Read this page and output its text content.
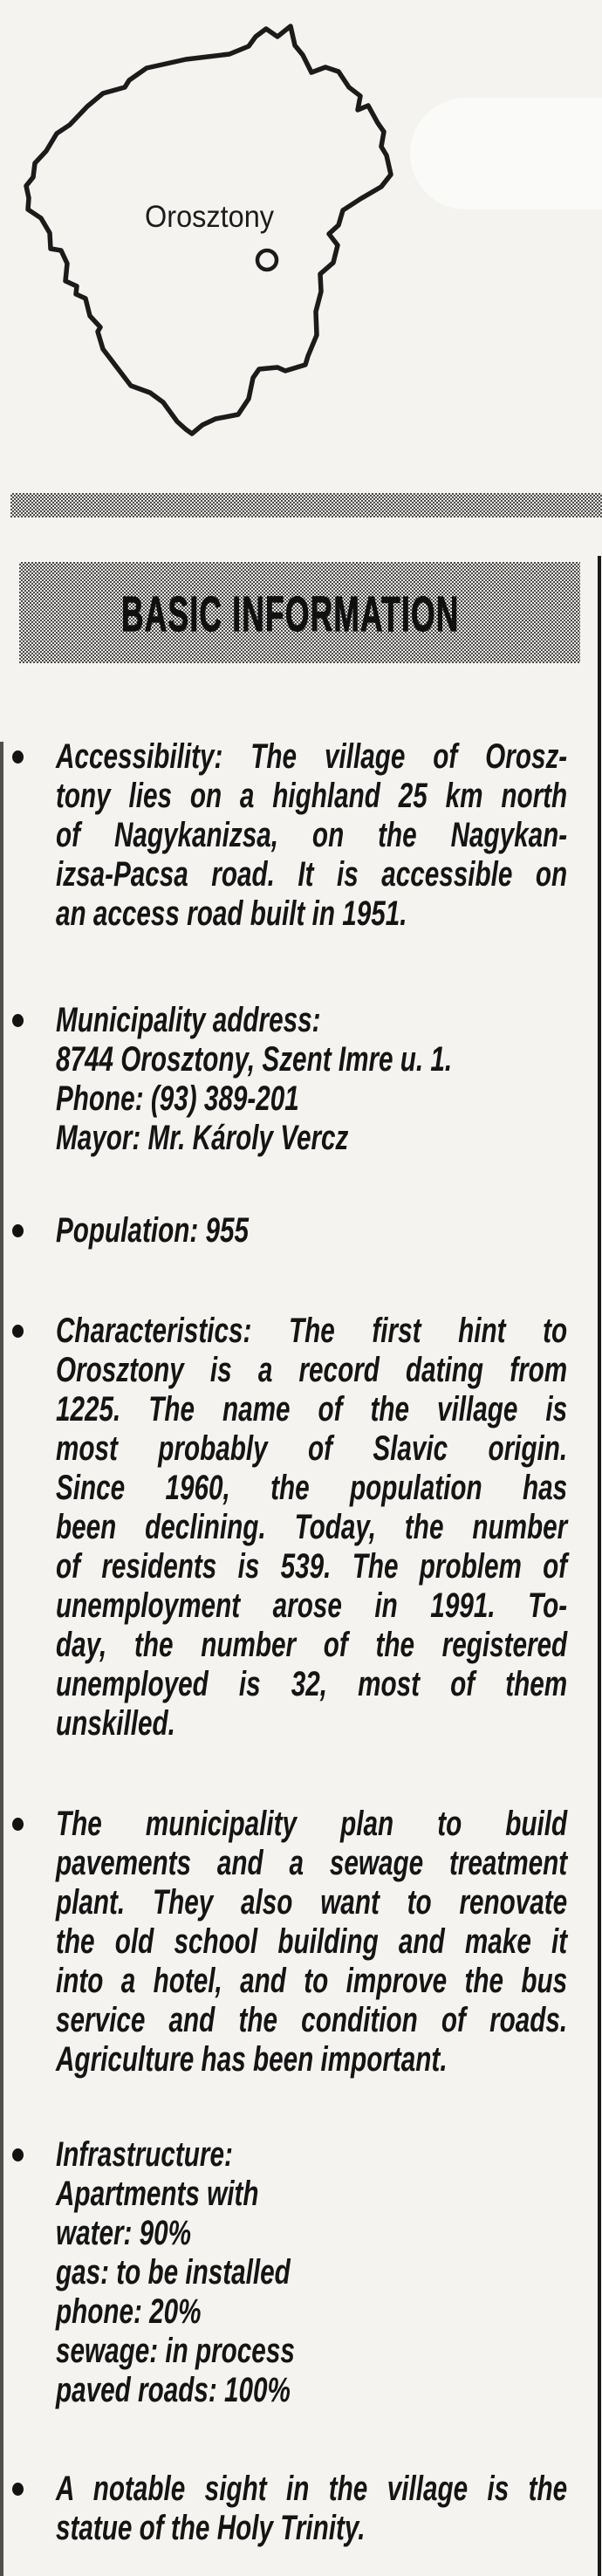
Orosztony
BASIC INFORMATION
Accessibility: The village of Orosz-
tony lies on a highland 25 km north
of Nagykanizsa, on the Nagykan-
izsa-Pacsa road. It is accessible on
an access road built in 1951.
Municipality address:
8744 Orosztony, Szent Imre u. 1.
Phone: (93) 389-201
Mayor: Mr. Károly Vercz
Population: 955
Characteristics: The first hint to
Orosztony is a record dating from
1225. The name of the village is
most probably of Slavic origin.
Since 1960, the population has
been declining. Today, the number
of residents is 539. The problem of
unemployment arose in 1991. To-
day, the number of the registered
unemployed is 32, most of them
unskilled.
The municipality plan to build
pavements and a sewage treatment
plant. They also want to renovate
the old school building and make it
into a hotel, and to improve the bus
service and the condition of roads.
Agriculture has been important.
Infrastructure:
Apartments with
water: 90%
gas: to be installed
phone: 20%
sewage: in process
paved roads: 100%
A notable sight in the village is the
statue of the Holy Trinity.
